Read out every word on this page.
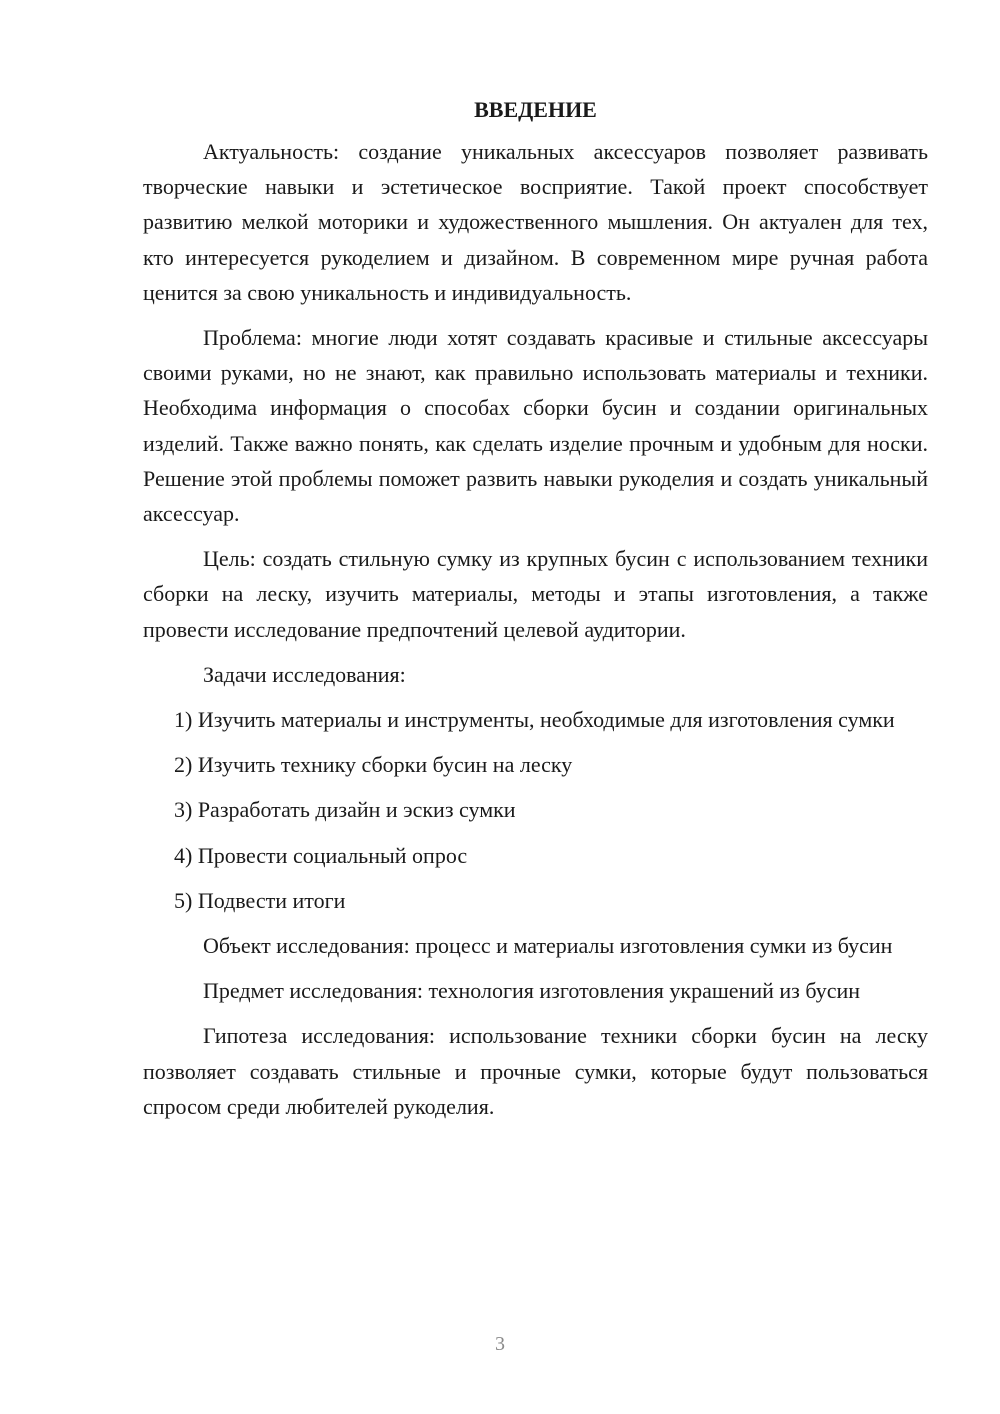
ВВЕДЕНИЕ

Актуальность: создание уникальных аксессуаров позволяет развивать творческие навыки и эстетическое восприятие. Такой проект способствует развитию мелкой моторики и художественного мышления. Он актуален для тех, кто интересуется рукоделием и дизайном. В современном мире ручная работа ценится за свою уникальность и индивидуальность.

Проблема: многие люди хотят создавать красивые и стильные аксессуары своими руками, но не знают, как правильно использовать материалы и техники. Необходима информация о способах сборки бусин и создании оригинальных изделий. Также важно понять, как сделать изделие прочным и удобным для носки. Решение этой проблемы поможет развить навыки рукоделия и создать уникальный аксессуар.

Цель: создать стильную сумку из крупных бусин с использованием техники сборки на леску, изучить материалы, методы и этапы изготовления, а также провести исследование предпочтений целевой аудитории.

Задачи исследования:

1) Изучить материалы и инструменты, необходимые для изготовления сумки

2) Изучить технику сборки бусин на леску

3) Разработать дизайн и эскиз сумки

4) Провести социальный опрос

5) Подвести итоги

Объект исследования: процесс и материалы изготовления сумки из бусин

Предмет исследования: технология изготовления украшений из бусин

Гипотеза исследования: использование техники сборки бусин на леску позволяет создавать стильные и прочные сумки, которые будут пользоваться спросом среди любителей рукоделия.

3
